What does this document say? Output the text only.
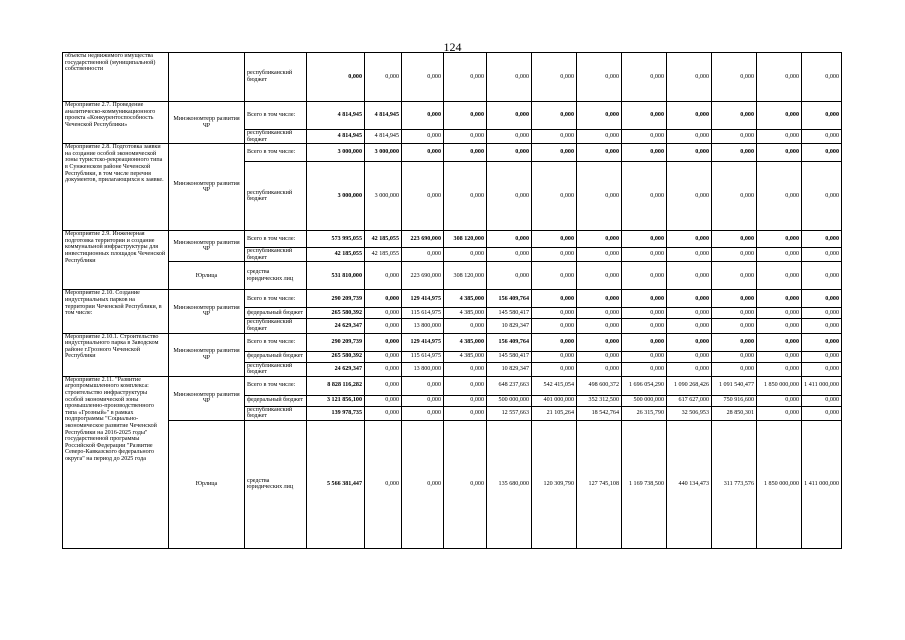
124
объекты недвижимого имущества государственной (муниципальной) собственности		республиканский бюджет	0,000	0,000	0,000	0,000	0,000	0,000	0,000	0,000	0,000	0,000	0,000	0,000
Мероприятие 2.7. Проведение аналитическо-коммуникационного проекта «Конкурентоспособность Чеченской Республики»	Минэкономтерр развития ЧР	Всего в том числе:	4 814,945	4 814,945	0,000	0,000	0,000	0,000	0,000	0,000	0,000	0,000	0,000	0,000
		республиканский бюджет	4 814,945	4 814,945	0,000	0,000	0,000	0,000	0,000	0,000	0,000	0,000	0,000	0,000
Мероприятие 2.8. Подготовка заявки на создание особой экономической зоны туристско-рекреационного типа в Сунженском районе Чеченской Республики, в том числе перечня документов, прилагающихся к заявке.	Минэкономтерр развития ЧР	Всего в том числе:	3 000,000	3 000,000	0,000	0,000	0,000	0,000	0,000	0,000	0,000	0,000	0,000	0,000
		республиканский бюджет	3 000,000	3 000,000	0,000	0,000	0,000	0,000	0,000	0,000	0,000	0,000	0,000	0,000
Мероприятие 2.9. Инженерная подготовка территории и создание коммунальной инфраструктуры для инвестиционных площадок Чеченской Республики	Минэкономтерр развития ЧР	Всего в том числе:	573 995,055	42 185,055	223 690,000	308 120,000	0,000	0,000	0,000	0,000	0,000	0,000	0,000	0,000
		республиканский бюджет	42 185,055	42 185,055	0,000	0,000	0,000	0,000	0,000	0,000	0,000	0,000	0,000	0,000
	Юрлица	средства юридических лиц	531 810,000	0,000	223 690,000	308 120,000	0,000	0,000	0,000	0,000	0,000	0,000	0,000	0,000
Мероприятие 2.10. Создание индустриальных парков на территории Чеченской Республики, в том числе:	Минэкономтерр развития ЧР	Всего в том числе:	290 209,739	0,000	129 414,975	4 385,000	156 409,764	0,000	0,000	0,000	0,000	0,000	0,000	0,000
		федеральный бюджет	265 580,392	0,000	115 614,975	4 385,000	145 580,417	0,000	0,000	0,000	0,000	0,000	0,000	0,000
		республиканский бюджет	24 629,347	0,000	13 800,000	0,000	10 829,347	0,000	0,000	0,000	0,000	0,000	0,000	0,000
Мероприятие 2.10.1. Строительство индустриального парка в Заводском районе г.Грозного Чеченской Республики	Минэкономтерр развития ЧР	Всего в том числе:	290 209,739	0,000	129 414,975	4 385,000	156 409,764	0,000	0,000	0,000	0,000	0,000	0,000	0,000
		федеральный бюджет	265 580,392	0,000	115 614,975	4 385,000	145 580,417	0,000	0,000	0,000	0,000	0,000	0,000	0,000
		республиканский бюджет	24 629,347	0,000	13 800,000	0,000	10 829,347	0,000	0,000	0,000	0,000	0,000	0,000	0,000
Мероприятие 2.11. "Развитие агропромышленного комплекса: строительство инфраструктуры особой экономической зоны промышленно-производственного типа «Грозный»" в рамках подпрограммы "Социально-экономическое развитие Чеченской Республики на 2016-2025 годы" государственной программы Российской Федерации "Развитие Северо-Кавказского федерального округа" на период до 2025 года	Минэкономтерр развития ЧР	Всего в том числе:	8 828 116,282	0,000	0,000	0,000	648 237,663	542 415,054	498 600,372	1 696 054,290	1 090 268,426	1 091 540,477	1 850 000,000	1 411 000,000
		федеральный бюджет	3 121 856,100	0,000	0,000	0,000	500 000,000	401 000,000	352 312,500	500 000,000	617 627,000	750 916,600	0,000	0,000
		республиканский бюджет	139 978,735	0,000	0,000	0,000	12 557,663	21 105,264	18 542,764	26 315,790	32 506,953	28 850,301	0,000	0,000
	Юрлица	средства юридических лиц	5 566 381,447	0,000	0,000	0,000	135 680,000	120 309,790	127 745,108	1 169 738,500	440 134,473	311 773,576	1 850 000,000	1 411 000,000
